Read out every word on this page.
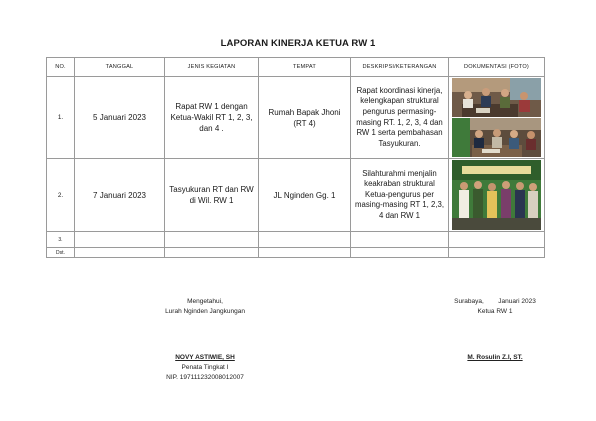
LAPORAN KINERJA KETUA RW 1
NO.	TANGGAL	JENIS KEGIATAN	TEMPAT	DESKRIPSI/KETERANGAN	DOKUMENTASI (FOTO)
1.	5 Januari 2023	Rapat RW 1 dengan Ketua-Wakil RT 1, 2, 3, dan 4 .	Rumah Bapak Jhoni (RT 4)	Rapat koordinasi kinerja, kelengkapan struktural pengurus permasing-masing RT. 1, 2, 3, 4 dan RW 1 serta pembahasan Tasyukuran.	

2.	7 Januari 2023	Tasyukuran RT dan RW di Wil. RW 1	JL Nginden Gg. 1	Silahturahmi menjalin keakraban struktural Ketua-pengurus per masing-masing RT 1, 2,3, 4 dan RW 1	

3.					
Dst.					
Mengetahui,
Lurah Nginden Jangkungan
NOVY ASTIWIE, SH
Penata Tingkat I
NIP. 197111232008012007
Surabaya,        Januari 2023
Ketua RW 1
M. Rosulin Z.I, ST.
